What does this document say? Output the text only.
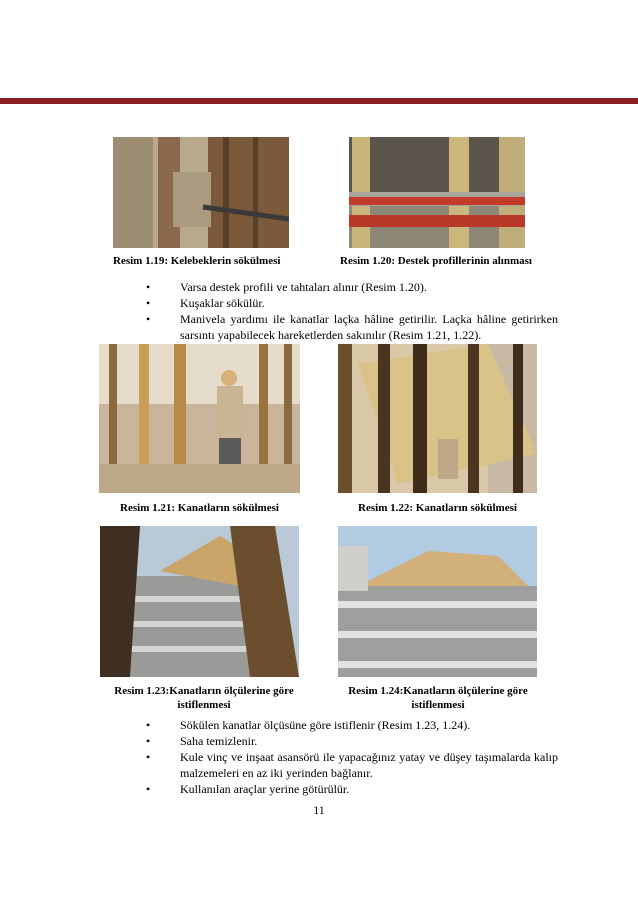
Resim 1.19: Kelebeklerin sökülmesi	Resim 1.20: Destek profillerinin alınması
• Varsa destek profili ve tahtaları alınır (Resim 1.20).
• Kuşaklar sökülür.
• Manivela yardımı ile kanatlar laçka hâline getirilir. Laçka hâline getirirken sarsıntı yapabilecek hareketlerden sakınılır (Resim 1.21, 1.22).
Resim 1.21: Kanatların sökülmesi	Resim 1.22: Kanatların sökülmesi
Resim 1.23:Kanatların ölçülerine göre
istiflenmesi
Resim 1.24:Kanatların ölçülerine göre
istiflenmesi
• Sökülen kanatlar ölçüsüne göre istiflenir (Resim 1.23, 1.24).
• Saha temizlenir.
• Kule vinç ve inşaat asansörü ile yapacağınız yatay ve düşey taşımalarda kalıp malzemeleri en az iki yerinden bağlanır.
• Kullanılan araçlar yerine götürülür.
11
